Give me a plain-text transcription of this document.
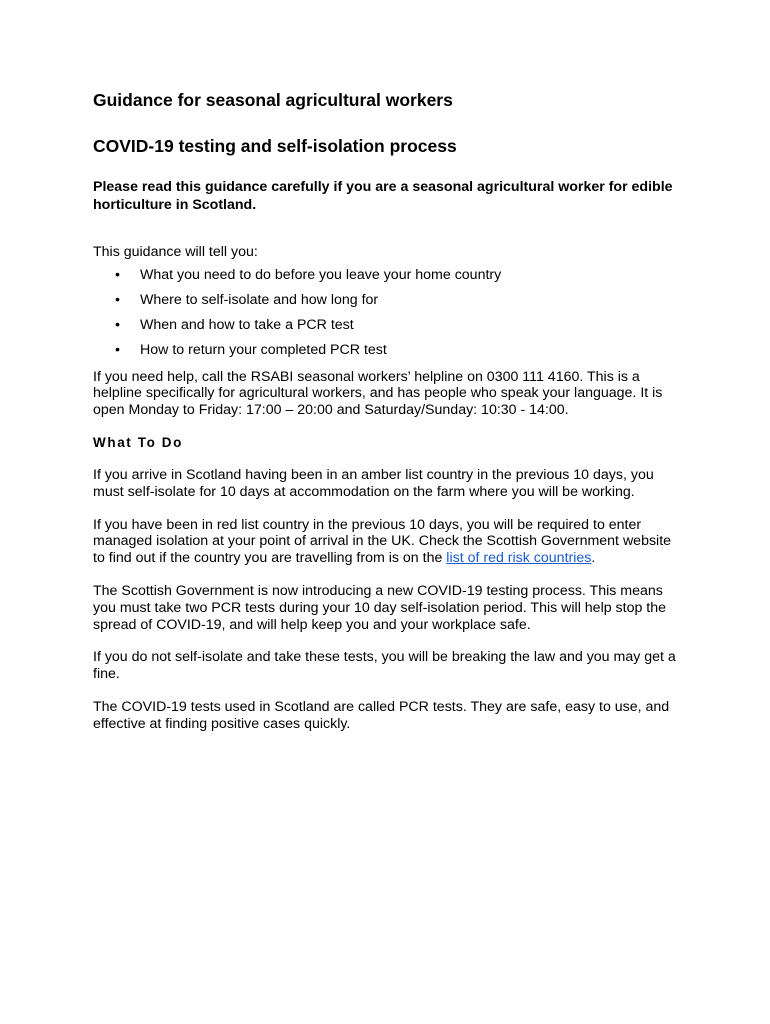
Guidance for seasonal agricultural workers
COVID-19 testing and self-isolation process

Please read this guidance carefully if you are a seasonal agricultural worker for edible horticulture in Scotland.

This guidance will tell you:

• What you need to do before you leave your home country
• Where to self-isolate and how long for
• When and how to take a PCR test
• How to return your completed PCR test

If you need help, call the RSABI seasonal workers’ helpline on 0300 111 4160. This is a helpline specifically for agricultural workers, and has people who speak your language. It is open Monday to Friday: 17:00 – 20:00 and Saturday/Sunday: 10:30 - 14:00.

What To Do

If you arrive in Scotland having been in an amber list country in the previous 10 days, you must self-isolate for 10 days at accommodation on the farm where you will be working.

If you have been in red list country in the previous 10 days, you will be required to enter managed isolation at your point of arrival in the UK. Check the Scottish Government website to find out if the country you are travelling from is on the list of red risk countries.

The Scottish Government is now introducing a new COVID-19 testing process. This means you must take two PCR tests during your 10 day self-isolation period. This will help stop the spread of COVID-19, and will help keep you and your workplace safe.

If you do not self-isolate and take these tests, you will be breaking the law and you may get a fine.

The COVID-19 tests used in Scotland are called PCR tests. They are safe, easy to use, and effective at finding positive cases quickly.
